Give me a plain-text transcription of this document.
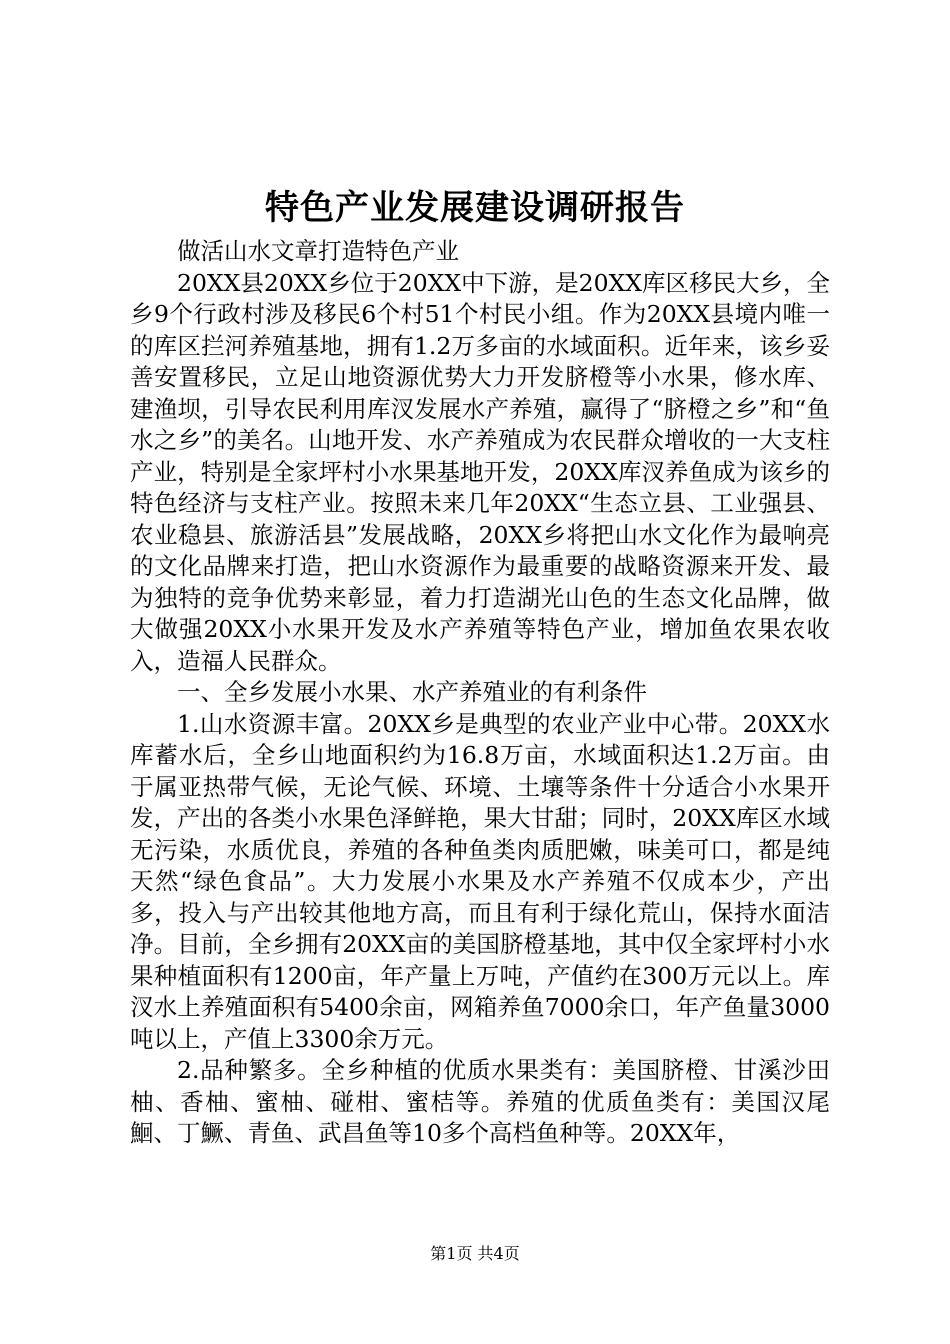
特色产业发展建设调研报告

做活山水文章打造特色产业

20XX县20XX乡位于20XX中下游，是20XX库区移民大乡，全乡9个行政村涉及移民6个村51个村民小组。作为20XX县境内唯一的库区拦河养殖基地，拥有1.2万多亩的水域面积。近年来，该乡妥善安置移民，立足山地资源优势大力开发脐橙等小水果，修水库、建渔坝，引导农民利用库汊发展水产养殖，赢得了“脐橙之乡”和“鱼水之乡”的美名。山地开发、水产养殖成为农民群众增收的一大支柱产业，特别是全家坪村小水果基地开发，20XX库汊养鱼成为该乡的特色经济与支柱产业。按照未来几年20XX“生态立县、工业强县、农业稳县、旅游活县”发展战略，20XX乡将把山水文化作为最响亮的文化品牌来打造，把山水资源作为最重要的战略资源来开发、最为独特的竞争优势来彰显，着力打造湖光山色的生态文化品牌，做大做强20XX小水果开发及水产养殖等特色产业，增加鱼农果农收入，造福人民群众。

一、全乡发展小水果、水产养殖业的有利条件

1.山水资源丰富。20XX乡是典型的农业产业中心带。20XX水库蓄水后，全乡山地面积约为16.8万亩，水域面积达1.2万亩。由于属亚热带气候，无论气候、环境、土壤等条件十分适合小水果开发，产出的各类小水果色泽鲜艳，果大甘甜；同时，20XX库区水域无污染，水质优良，养殖的各种鱼类肉质肥嫩，味美可口，都是纯天然“绿色食品”。大力发展小水果及水产养殖不仅成本少，产出多，投入与产出较其他地方高，而且有利于绿化荒山，保持水面洁净。目前，全乡拥有20XX亩的美国脐橙基地，其中仅全家坪村小水果种植面积有1200亩，年产量上万吨，产值约在300万元以上。库汊水上养殖面积有5400余亩，网箱养鱼7000余口，年产鱼量3000吨以上，产值上3300余万元。

2.品种繁多。全乡种植的优质水果类有：美国脐橙、甘溪沙田柚、香柚、蜜柚、碰柑、蜜桔等。养殖的优质鱼类有：美国汉尾鮰、丁鱖、青鱼、武昌鱼等10多个高档鱼种等。20XX年，

第1页 共4页
